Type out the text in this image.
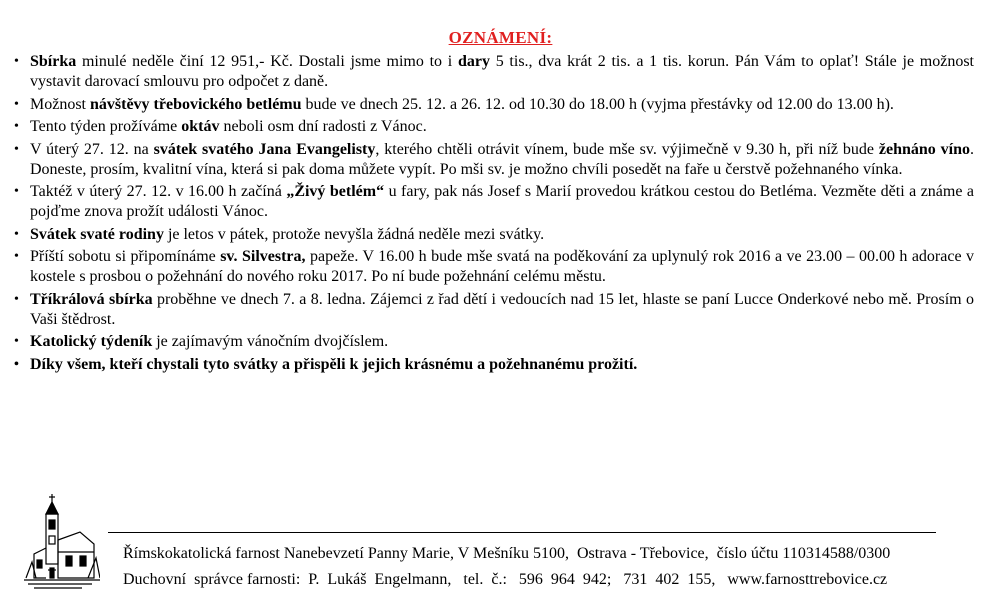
OZNÁMENÍ:
• Sbírka minulé neděle činí 12 951,- Kč. Dostali jsme mimo to i dary 5 tis., dva krát 2 tis. a 1 tis. korun. Pán Vám to oplať! Stále je možnost vystavit darovací smlouvu pro odpočet z daně.
• Možnost návštěvy třebovického betlému bude ve dnech 25. 12. a 26. 12. od 10.30 do 18.00 h (vyjma přestávky od 12.00 do 13.00 h).
• Tento týden prožíváme oktáv neboli osm dní radosti z Vánoc.
• V úterý 27. 12. na svátek svatého Jana Evangelisty, kterého chtěli otrávit vínem, bude mše sv. výjimečně v 9.30 h, při níž bude žehnáno víno. Doneste, prosím, kvalitní vína, která si pak doma můžete vypít. Po mši sv. je možno chvíli posedět na faře u čerstvě požehnaného vínka.
• Taktéž v úterý 27. 12. v 16.00 h začíná „Živý betlém“ u fary, pak nás Josef s Marií provedou krátkou cestou do Betléma. Vezměte děti a známe a pojďme znova prožít události Vánoc.
• Svátek svaté rodiny je letos v pátek, protože nevyšla žádná neděle mezi svátky.
• Příští sobotu si připomínáme sv. Silvestra, papeže. V 16.00 h bude mše svatá na poděkování za uplynulý rok 2016 a ve 23.00 – 00.00 h adorace v kostele s prosbou o požehnání do nového roku 2017. Po ní bude požehnání celému městu.
• Tříkrálová sbírka proběhne ve dnech 7. a 8. ledna. Zájemci z řad dětí i vedoucích nad 15 let, hlaste se paní Lucce Onderkové nebo mě. Prosím o Vaši štědrost.
• Katolický týdeník je zajímavým vánočním dvojčíslem.
• Díky všem, kteří chystali tyto svátky a přispěli k jejich krásnému a požehnanému prožití.
Římskokatolická farnost Nanebevzetí Panny Marie, V Mešníku 5100,  Ostrava - Třebovice,  číslo účtu 110314588/0300
Duchovní  správce farnosti:  P.  Lukáš  Engelmann,   tel.  č.:   596  964  942;   731  402  155,   www.farnosttrebovice.cz
